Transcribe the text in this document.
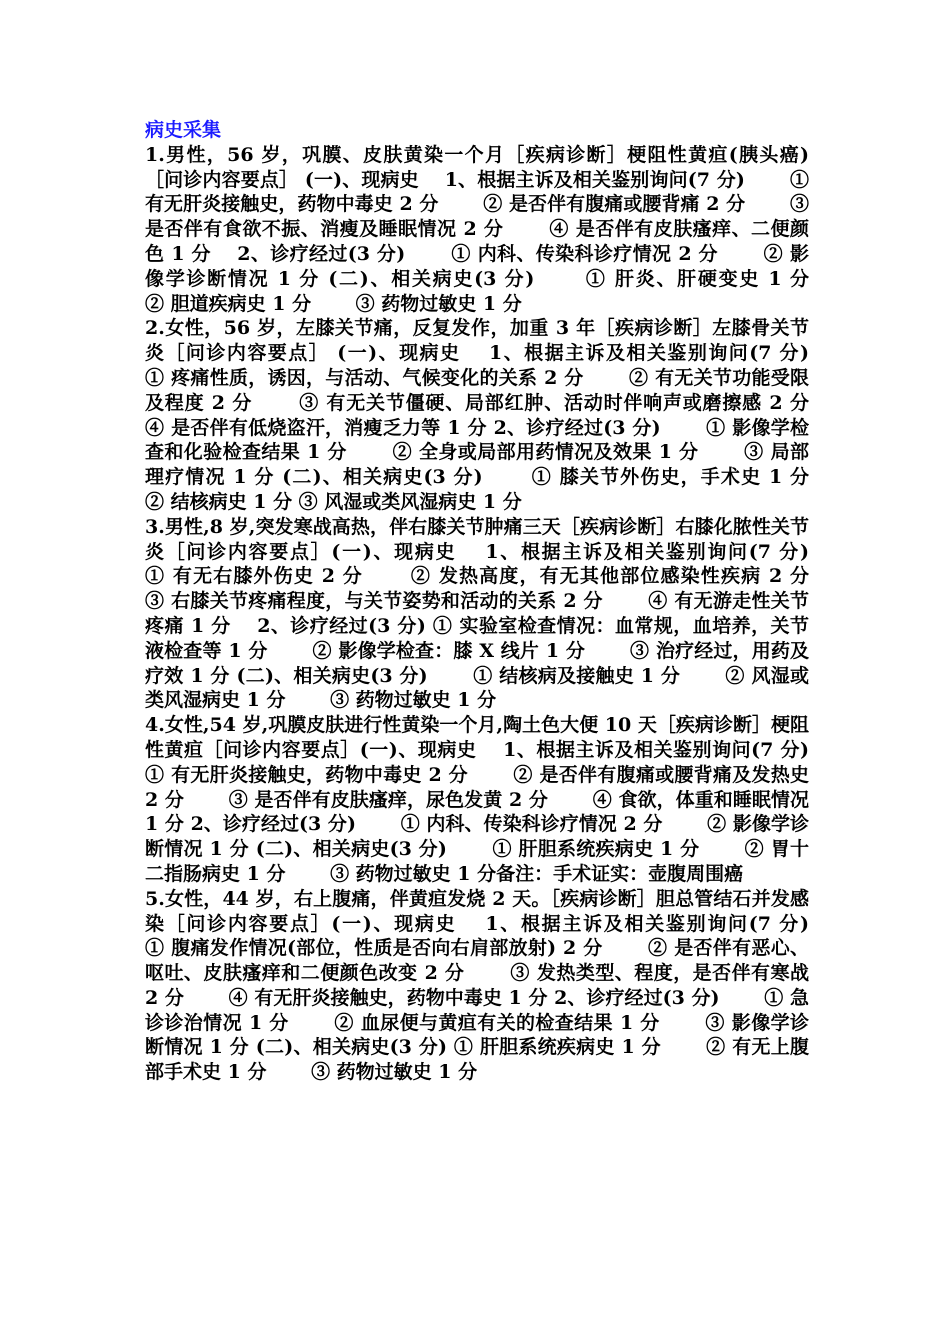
病史采集

1.男性，56 岁，巩膜、皮肤黄染一个月［疾病诊断］梗阻性黄疸(胰头癌) ［问诊内容要点］ (一)、现病史　 1、根据主诉及相关鉴别询问(7 分)　　 ① 有无肝炎接触史，药物中毒史 2 分　　 ② 是否伴有腹痛或腰背痛 2 分　　 ③ 是否伴有食欲不振、消瘦及睡眠情况 2 分　　 ④ 是否伴有皮肤瘙痒、二便颜色 1 分　 2、诊疗经过(3 分)　　 ① 内科、传染科诊疗情况 2 分　　 ② 影像学诊断情况 1 分 (二)、相关病史(3 分)　　 ① 肝炎、肝硬变史 1 分　　 ② 胆道疾病史 1 分　　 ③ 药物过敏史 1 分

2.女性，56 岁，左膝关节痛，反复发作，加重 3 年［疾病诊断］左膝骨关节炎［问诊内容要点］ (一)、现病史　 1、根据主诉及相关鉴别询问(7 分)　　 ① 疼痛性质，诱因，与活动、气候变化的关系 2 分　　 ② 有无关节功能受限及程度 2 分　　 ③ 有无关节僵硬、局部红肿、活动时伴响声或磨擦感 2 分　　 ④ 是否伴有低烧盗汗，消瘦乏力等 1 分 2、诊疗经过(3 分)　　 ① 影像学检查和化验检查结果 1 分　　 ② 全身或局部用药情况及效果 1 分　　 ③ 局部理疗情况 1 分 (二)、相关病史(3 分)　　 ① 膝关节外伤史，手术史 1 分　　 ② 结核病史 1 分 ③ 风湿或类风湿病史 1 分

3.男性,8 岁,突发寒战高热，伴右膝关节肿痛三天［疾病诊断］右膝化脓性关节炎［问诊内容要点］(一)、现病史　 1、根据主诉及相关鉴别询问(7 分)　　 ① 有无右膝外伤史 2 分　　 ② 发热高度，有无其他部位感染性疾病 2 分　　 ③ 右膝关节疼痛程度，与关节姿势和活动的关系 2 分　　 ④ 有无游走性关节疼痛 1 分　 2、诊疗经过(3 分) ① 实验室检查情况：血常规，血培养，关节液检查等 1 分　　 ② 影像学检查：膝 X 线片 1 分　　 ③ 治疗经过，用药及疗效 1 分 (二)、相关病史(3 分)　　 ① 结核病及接触史 1 分　　 ② 风湿或类风湿病史 1 分　　 ③ 药物过敏史 1 分

4.女性,54 岁,巩膜皮肤进行性黄染一个月,陶土色大便 10 天［疾病诊断］梗阻性黄疸［问诊内容要点］(一)、现病史　 1、根据主诉及相关鉴别询问(7 分)　　 ① 有无肝炎接触史，药物中毒史 2 分　　 ② 是否伴有腹痛或腰背痛及发热史 2 分　　 ③ 是否伴有皮肤瘙痒，尿色发黄 2 分　　 ④ 食欲，体重和睡眠情况 1 分 2、诊疗经过(3 分)　　 ① 内科、传染科诊疗情况 2 分　　 ② 影像学诊断情况 1 分 (二)、相关病史(3 分)　　 ① 肝胆系统疾病史 1 分　　 ② 胃十二指肠病史 1 分　　 ③ 药物过敏史 1 分备注：手术证实：壶腹周围癌

5.女性，44 岁，右上腹痛，伴黄疸发烧 2 天。［疾病诊断］胆总管结石并发感染［问诊内容要点］(一)、现病史　 1、根据主诉及相关鉴别询问(7 分)　　 ① 腹痛发作情况(部位，性质是否向右肩部放射) 2 分　　 ② 是否伴有恶心、呕吐、皮肤瘙痒和二便颜色改变 2 分　　 ③ 发热类型、程度，是否伴有寒战 2 分　　 ④ 有无肝炎接触史，药物中毒史 1 分 2、诊疗经过(3 分)　　 ① 急诊诊治情况 1 分　　 ② 血尿便与黄疸有关的检查结果 1 分　　 ③ 影像学诊断情况 1 分 (二)、相关病史(3 分) ① 肝胆系统疾病史 1 分　　 ② 有无上腹部手术史 1 分　　 ③ 药物过敏史 1 分
